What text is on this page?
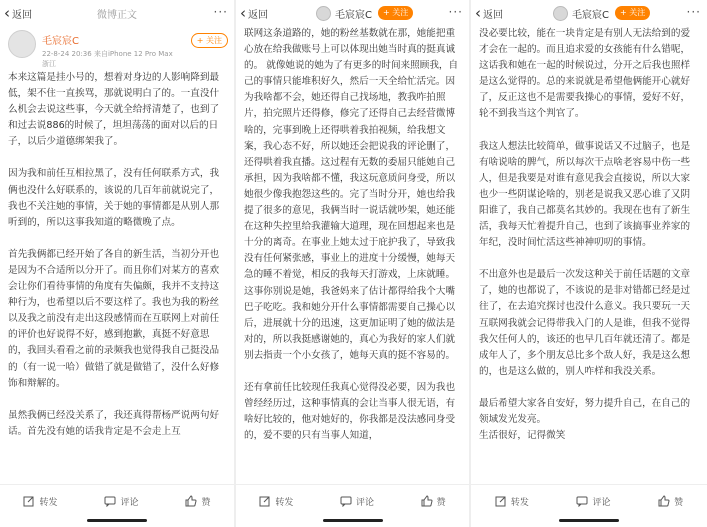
‹ 返回	微博正文	···
毛宸宸C
22-8-24 20:36 来自iPhone 12 Pro Max
浙江
+ 关注

本来这篇是挂小号的，想着对身边的人影响降到最低，架不住一直挨骂，那就说明白了的。一直没什么机会去说这些事，今天就全给捋清楚了，也到了和过去说886的时候了，坦坦荡荡的面对以后的日子，以后少道德绑架我了。

因为我和前任互相拉黑了，没有任何联系方式，我俩也没什么好联系的，该说的几百年前就说完了，我也不关注她的事情，关于她的事情都是从别人那听到的，所以这事我知道的略微晚了点。

首先我俩都已经开始了各自的新生活，当初分开也是因为不合适所以分开了。而且你们对某方的喜欢会让你们看待事情的角度有失偏颇，我并不支持这种行为，也希望以后不要这样了。我也为我的粉丝以及我之前没有走出这段感情而在互联网上对前任的评价也好说得不好，感到抱歉，真挺不好意思的，我回头看看之前的录频我也觉得我自己挺没品的（有一说一哈）做错了就是做错了，没什么好修饰和辩解的。

虽然我俩已经没关系了，我还真得帮杨严说两句好话。首先没有她的话我肯定是不会走上互

转发	评论	赞
‹ 返回	毛宸宸C	+ 关注	···

联网这条道路的，她的粉丝基数就在那，她能把重心放在给我做账号上可以体现出她当时真的挺真诚的。 就像她说的她为了有更多的时间来照顾我，自己的事情只能堆积好久，然后一天全给忙活完。因为我啥都不会，她还得自己找场地，教我咋拍照片，拍完照片还得修，修完了还得自己去经营微博啥的，完事到晚上还得哄着我拍视频，给我想文案，我心态不好，所以她还会把说我的评论删了，还得哄着我直播。这过程有无数的委屈只能她自己承担，因为我啥都不懂，我这玩意质问身受，所以她很少像我抱怨这些的。完了当时分开，她也给我提了很多的意见，我俩当时一说话就吵架，她还能在这种失控里给我灌输大道理，现在回想起来也是十分的离奇。在事业上她太过于庇护我了，导致我没有任何紧张感，事业上的进度十分缓慢，她每天急的睡不着觉，相反的我每天打游戏，上床就睡。这事你别说是她，我爸妈来了估计都得给我个大嘴巴子吃吃。我和她分开什么事情都需要自己操心以后，进展就十分的迅速，这更加证明了她的做法是对的，所以我挺感谢她的，真心为我好的家人们就别去指责一个小女孩了，她每天真的挺不容易的。

还有拿前任比较现任我真心觉得没必要，因为我也曾经经历过，这种事情真的会让当事人很无语，有啥好比较的，他对她好的，你我都是没法感同身受的，爱不要的只有当事人知道，

转发	评论	赞
‹ 返回	毛宸宸C	+ 关注	···

没必要比较，能在一块肯定是有别人无法给到的爱才会在一起的。而且追求爱的女孩能有什么错呢，这话我和她在一起的时候说过，分开之后我也照样是这么觉得的。总的来说就是希望他俩能开心就好了，反正这也不是需要我操心的事情，爱好不好，轮不到我当这个判官了。

我这人想法比较简单，做事说话又不过脑子，也是有啥说啥的脾气，所以每次干点啥老容易中伤一些人，但是我要是对谁有意见我会直接说，所以大家也少一些阴谋论啥的，别老是说我又恶心谁了又阴阳谁了，我自己都莫名其妙的。我现在也有了新生活，我每天忙着提升自己，也到了该搞事业养家的年纪，没时间忙活这些神神叨叨的事情。

不出意外也是最后一次发这种关于前任话题的文章了，她的也都说了，不该说的是非对错都已经是过往了，在去追究探讨也没什么意义。我只要玩一天互联网我就会记得带我入门的人是谁，但我不觉得我欠任何人的，该还的也早几百年就还清了。都是成年人了，多个朋友总比多个敌人好，我是这么想的，也是这么做的，别人咋样和我没关系。

最后希望大家各自安好，努力提升自己，在自己的领域发光发亮。
生活很好，记得微笑

转发	评论	赞
